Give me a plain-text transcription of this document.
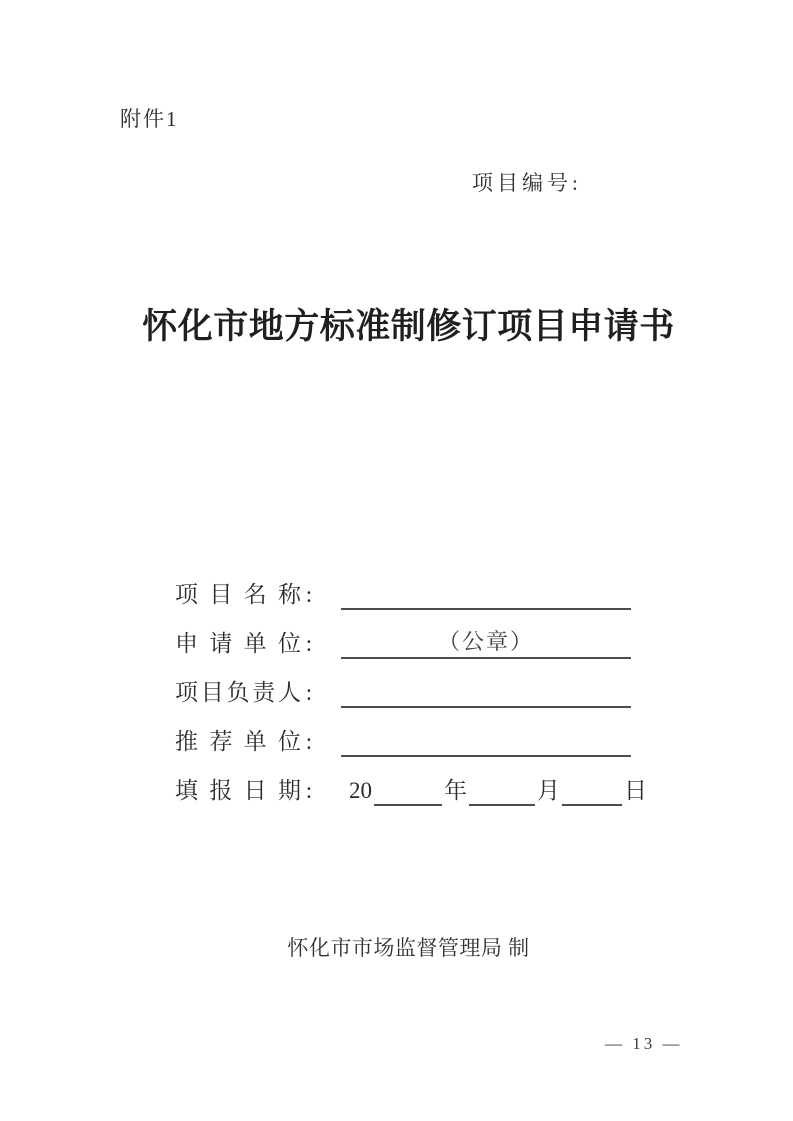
附件1
项目编号:
怀化市地方标准制修订项目申请书
项目名称 :
申请单位 :	（公章）
项目负责人 :
推荐单位 :
填报日期 : 20	年	月	日
怀化市市场监督管理局 制
— 13 —
